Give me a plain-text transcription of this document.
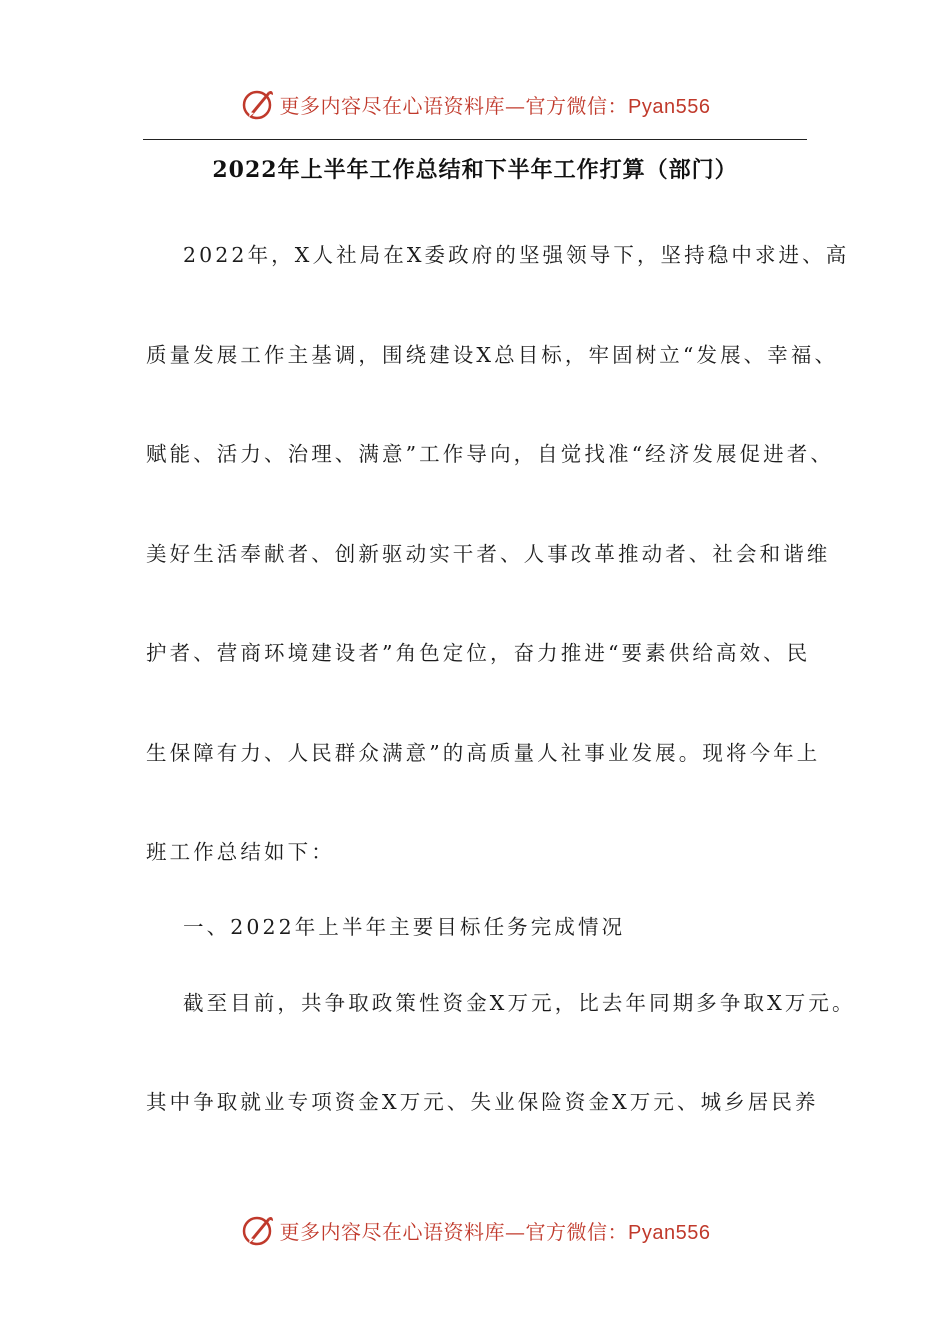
更多内容尽在心语资料库—官方微信：Pyan556
2022年上半年工作总结和下半年工作打算（部门）
2022年，X人社局在X委政府的坚强领导下，坚持稳中求进、高
质量发展工作主基调，围绕建设X总目标，牢固树立“发展、幸福、
赋能、活力、治理、满意”工作导向，自觉找准“经济发展促进者、
美好生活奉献者、创新驱动实干者、人事改革推动者、社会和谐维
护者、营商环境建设者”角色定位，奋力推进“要素供给高效、民
生保障有力、人民群众满意”的高质量人社事业发展。现将今年上
班工作总结如下：
一、2022年上半年主要目标任务完成情况
截至目前，共争取政策性资金X万元，比去年同期多争取X万元。
其中争取就业专项资金X万元、失业保险资金X万元、城乡居民养
更多内容尽在心语资料库—官方微信：Pyan556
